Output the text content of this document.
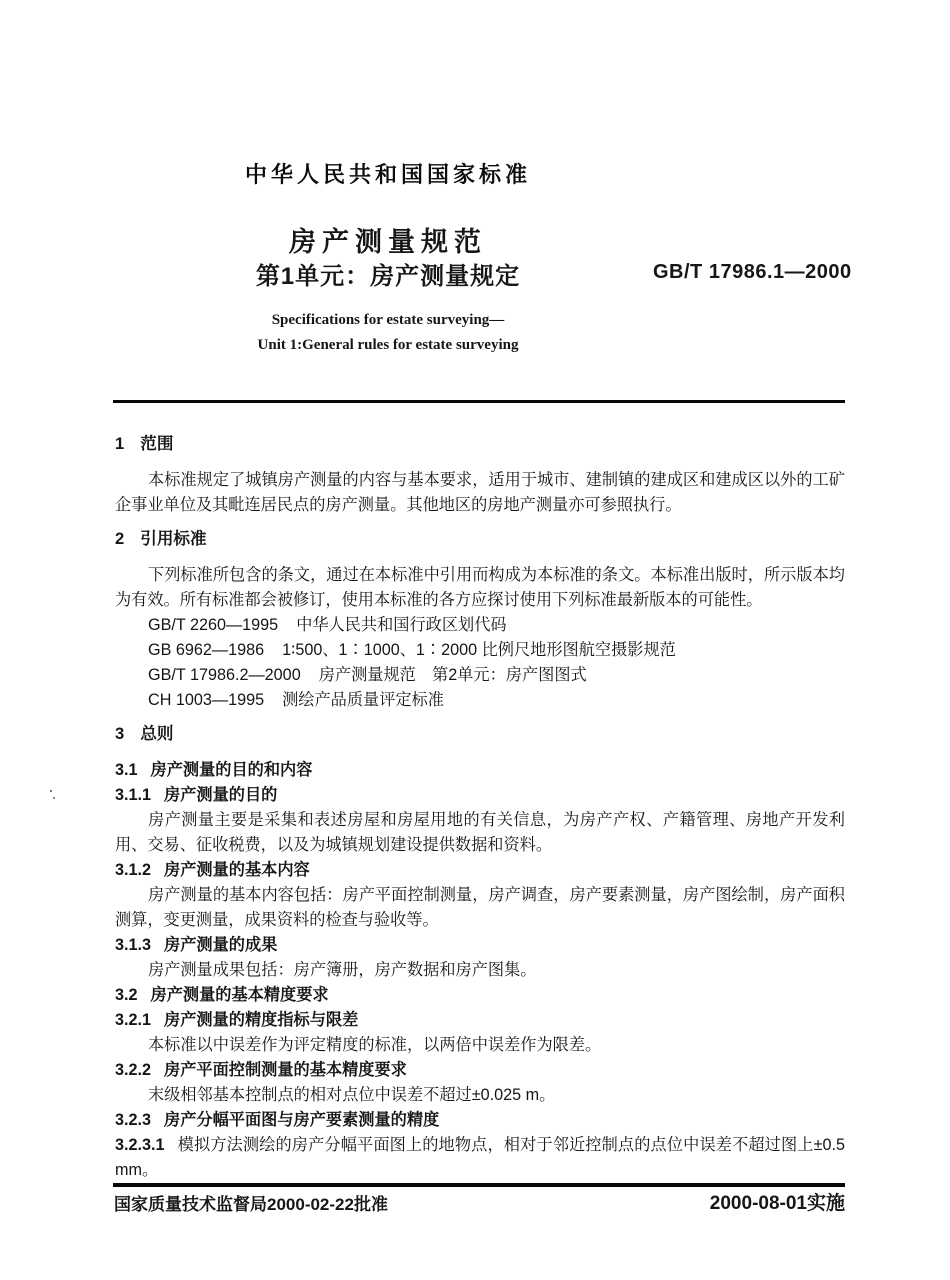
中华人民共和国国家标准
房产测量规范
第1单元：房产测量规定	GB/T 17986.1—2000
Specifications for estate surveying—
Unit 1:General rules for estate surveying
1 范围

本标准规定了城镇房产测量的内容与基本要求，适用于城市、建制镇的建成区和建成区以外的工矿企事业单位及其毗连居民点的房产测量。其他地区的房地产测量亦可参照执行。

2 引用标准

下列标准所包含的条文，通过在本标准中引用而构成为本标准的条文。本标准出版时，所示版本均为有效。所有标准都会被修订，使用本标准的各方应探讨使用下列标准最新版本的可能性。

GB/T 2260—1995 中华人民共和国行政区划代码

GB 6962—1986 1∶500、1∶1000、1∶2000 比例尺地形图航空摄影规范

GB/T 17986.2—2000 房产测量规范　第2单元：房产图图式

CH 1003—1995 测绘产品质量评定标准

3 总则
3.1 房产测量的目的和内容
3.1.1 房产测量的目的

房产测量主要是采集和表述房屋和房屋用地的有关信息，为房产产权、产籍管理、房地产开发利用、交易、征收税费，以及为城镇规划建设提供数据和资料。

3.1.2 房产测量的基本内容

房产测量的基本内容包括：房产平面控制测量，房产调查，房产要素测量，房产图绘制，房产面积测算，变更测量，成果资料的检查与验收等。

3.1.3 房产测量的成果

房产测量成果包括：房产簿册，房产数据和房产图集。

3.2 房产测量的基本精度要求
3.2.1 房产测量的精度指标与限差

本标准以中误差作为评定精度的标准，以两倍中误差作为限差。

3.2.2 房产平面控制测量的基本精度要求

末级相邻基本控制点的相对点位中误差不超过±0.025 m。

3.2.3 房产分幅平面图与房产要素测量的精度

3.2.3.1 模拟方法测绘的房产分幅平面图上的地物点，相对于邻近控制点的点位中误差不超过图上±0.5 mm。

国家质量技术监督局2000-02-22批准	2000-08-01实施
